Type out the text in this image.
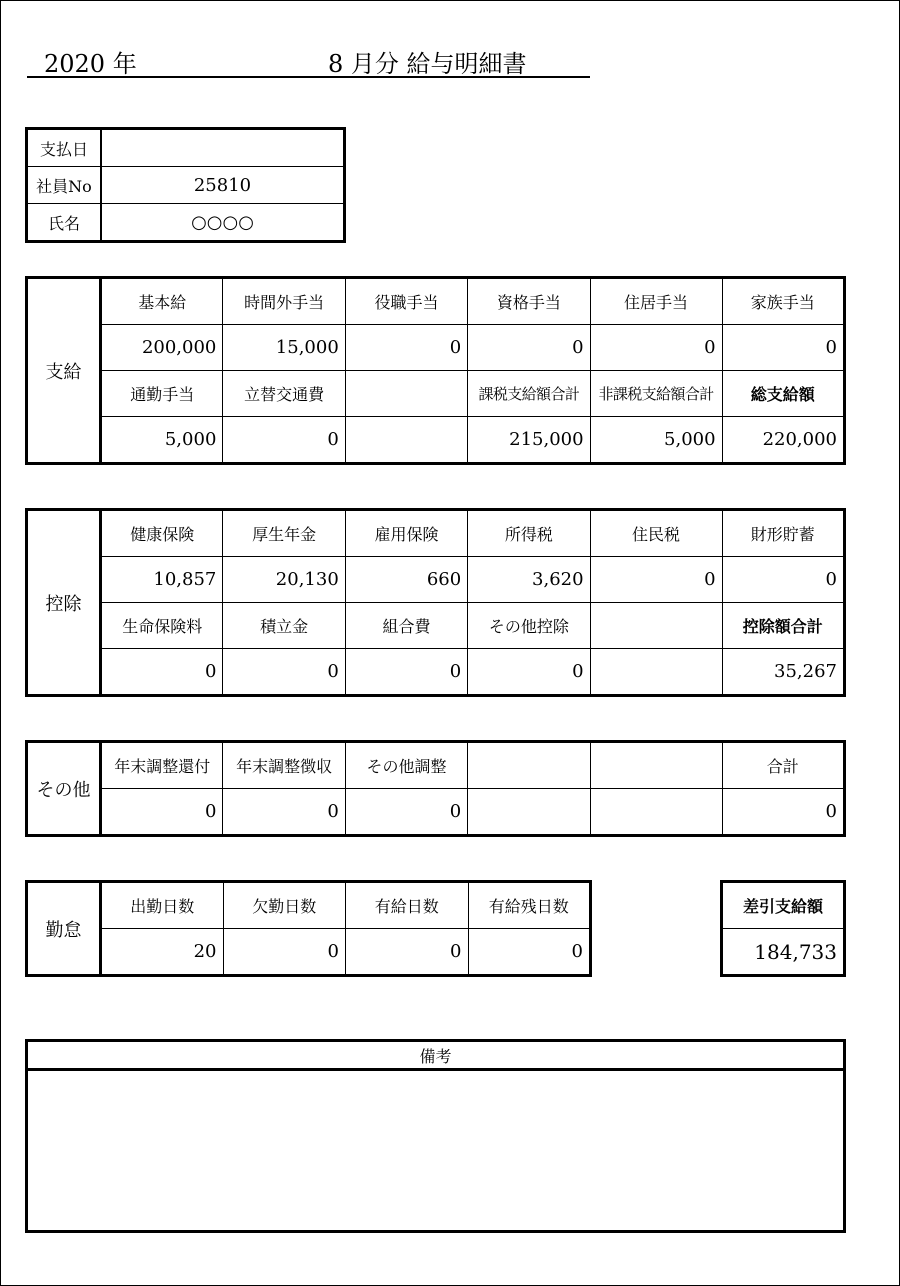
2020 年	8 月分 給与明細書
支払日	
社員No	25810
氏名	○○○○
支給	基本給	時間外手当	役職手当	資格手当	住居手当	家族手当
	200,000	15,000	0	0	0	0
	通勤手当	立替交通費		課税支給額合計	非課税支給額合計	総支給額
	5,000	0		215,000	5,000	220,000
控除	健康保険	厚生年金	雇用保険	所得税	住民税	財形貯蓄
	10,857	20,130	660	3,620	0	0
	生命保険料	積立金	組合費	その他控除		控除額合計
	0	0	0	0		35,267
その他	年末調整還付	年末調整徴収	その他調整			合計
	0	0	0			0
勤怠	出勤日数	欠勤日数	有給日数	有給残日数
	20	0	0	0
差引支給額
184,733
備考
